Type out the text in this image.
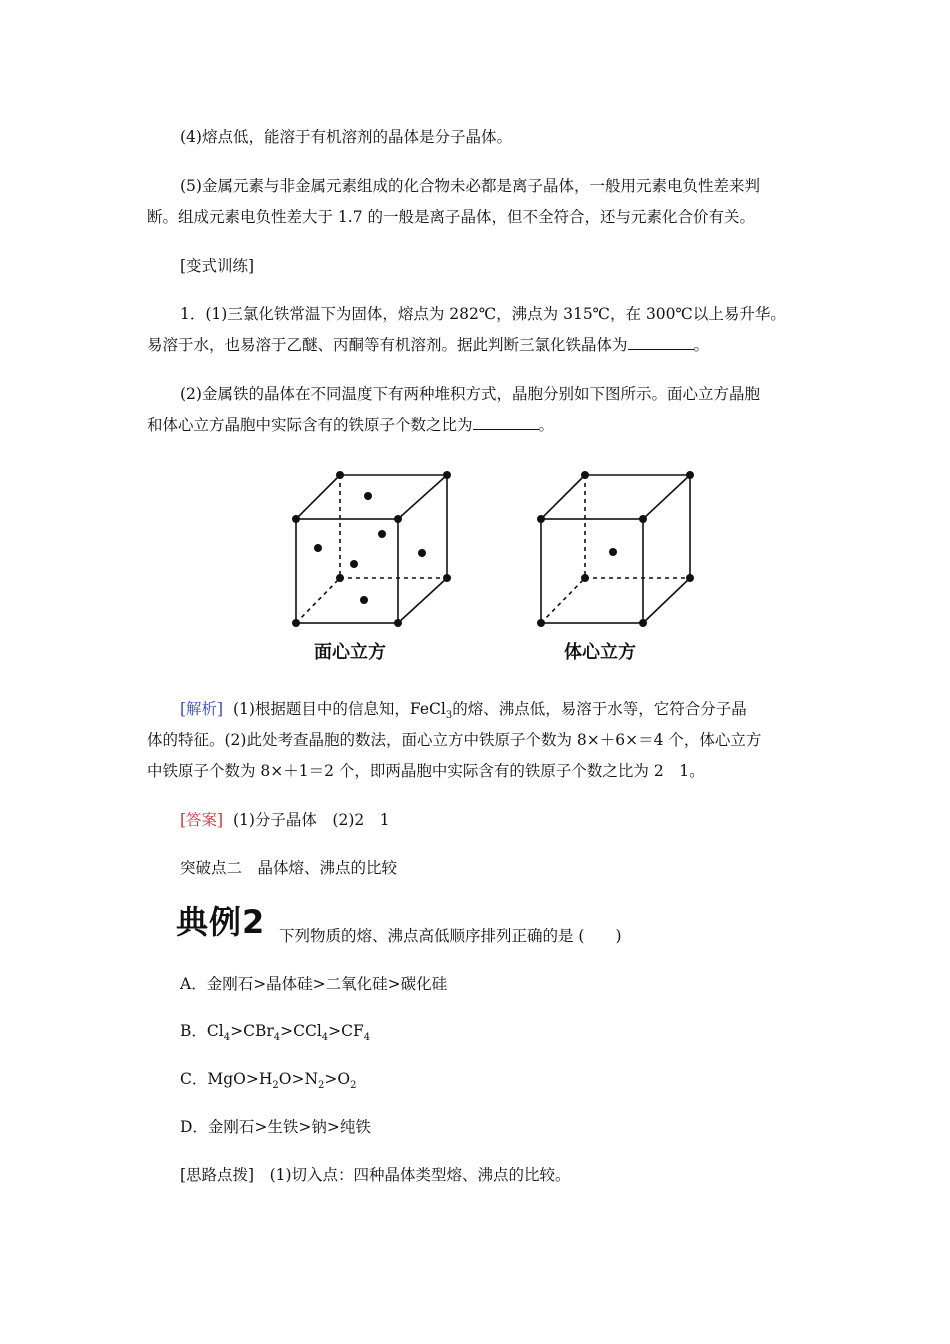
(4)熔点低，能溶于有机溶剂的晶体是分子晶体。
(5)金属元素与非金属元素组成的化合物未必都是离子晶体，一般用元素电负性差来判
断。组成元素电负性差大于 1.7 的一般是离子晶体，但不全符合，还与元素化合价有关。
[变式训练]
1．(1)三氯化铁常温下为固体，熔点为 282℃，沸点为 315℃，在 300℃以上易升华。
易溶于水，也易溶于乙醚、丙酮等有机溶剂。据此判断三氯化铁晶体为	。
(2)金属铁的晶体在不同温度下有两种堆积方式，晶胞分别如下图所示。面心立方晶胞
和体心立方晶胞中实际含有的铁原子个数之比为	。
面心立方	体心立方
[解析] (1)根据题目中的信息知，FeCl$_3$的熔、沸点低，易溶于水等，它符合分子晶
体的特征。(2)此处考查晶胞的数法，面心立方中铁原子个数为 8×＋6×＝4 个，体心立方
中铁原子个数为 8×＋1＝2 个，即两晶胞中实际含有的铁原子个数之比为 2　1。
[答案] (1)分子晶体　(2)2　1
突破点二　晶体熔、沸点的比较
典例2 下列物质的熔、沸点高低顺序排列正确的是 (　　)
A．金刚石>晶体硅>二氧化硅>碳化硅
B．$Cl_4>CBr_4>CCl_4>CF_4$
C．$MgO>H_2O>N_2>O_2$
D．金刚石>生铁>钠>纯铁
[思路点拨]　(1)切入点：四种晶体类型熔、沸点的比较。
